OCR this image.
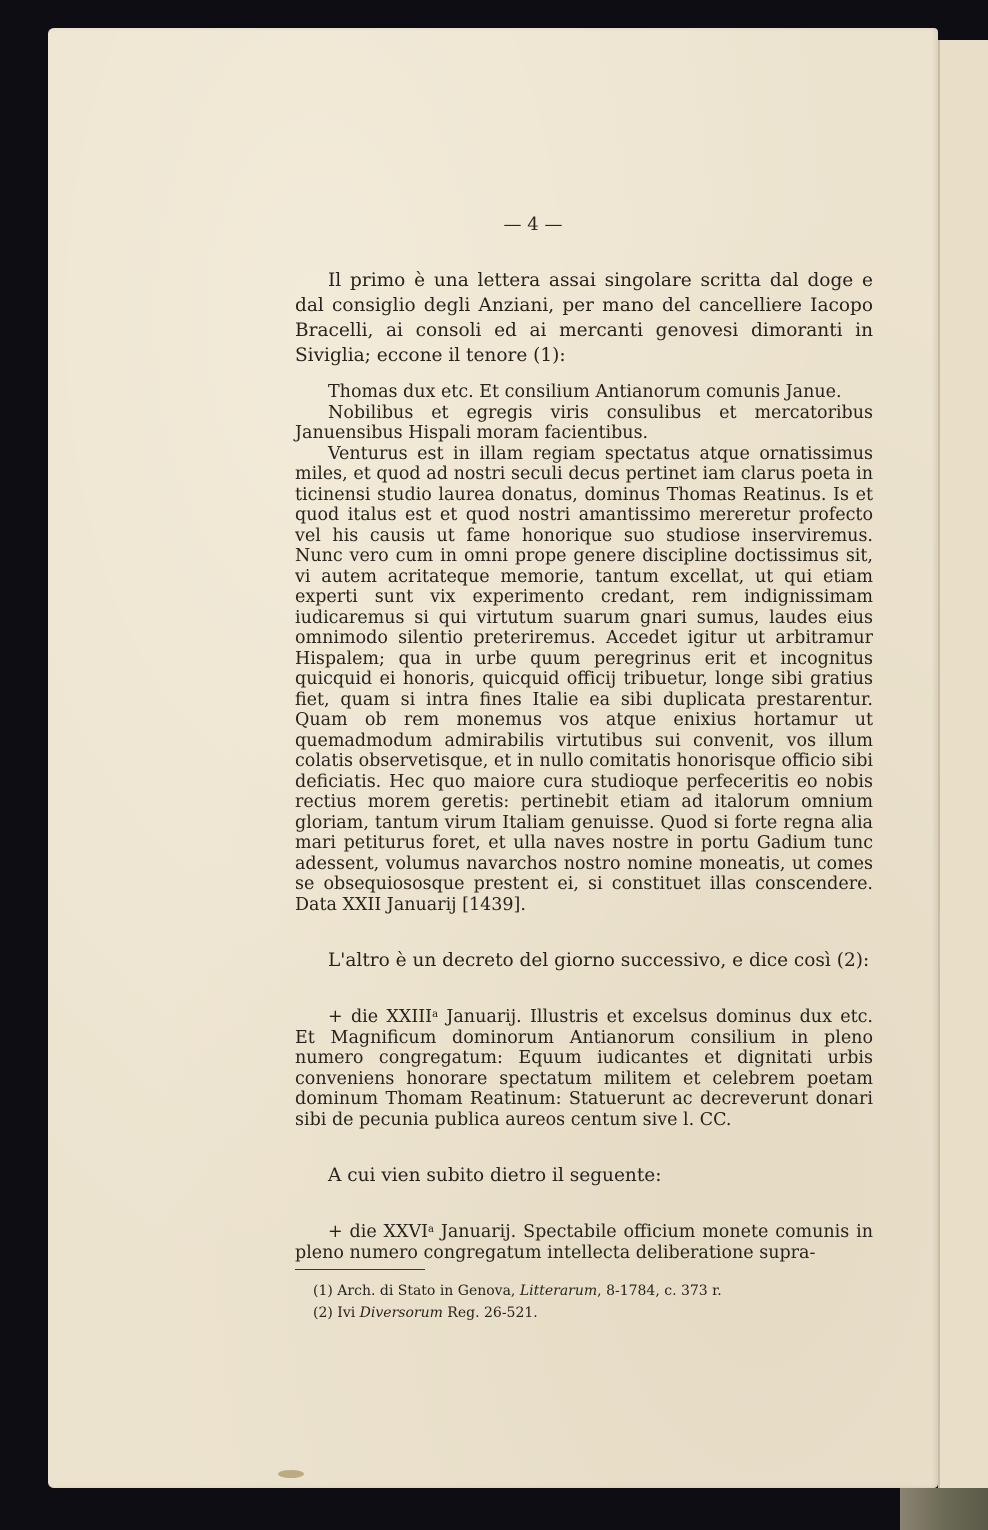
— 4 —

Il primo è una lettera assai singolare scritta dal doge e dal consiglio degli Anziani, per mano del cancelliere Iacopo Bracelli, ai consoli ed ai mercanti genovesi dimoranti in Siviglia; eccone il tenore (1):

Thomas dux etc. Et consilium Antianorum comunis Janue.

Nobilibus et egregis viris consulibus et mercatoribus Januensibus Hispali moram facientibus.

Venturus est in illam regiam spectatus atque ornatissimus miles, et quod ad nostri seculi decus pertinet iam clarus poeta in ticinensi studio laurea donatus, dominus Thomas Reatinus. Is et quod italus est et quod nostri amantissimo mereretur profecto vel his causis ut fame honorique suo studiose inserviremus. Nunc vero cum in omni prope genere discipline doctissimus sit, vi autem acritateque memorie, tantum excellat, ut qui etiam experti sunt vix experimento credant, rem indignissimam iudicaremus si qui virtutum suarum gnari sumus, laudes eius omnimodo silentio preteriremus. Accedet igitur ut arbitramur Hispalem; qua in urbe quum peregrinus erit et incognitus quicquid ei honoris, quicquid officij tribuetur, longe sibi gratius fiet, quam si intra fines Italie ea sibi duplicata prestarentur. Quam ob rem monemus vos atque enixius hortamur ut quemadmodum admirabilis virtutibus sui convenit, vos illum colatis observetisque, et in nullo comitatis honorisque officio sibi deficiatis. Hec quo maiore cura studioque perfeceritis eo nobis rectius morem geretis: pertinebit etiam ad italorum omnium gloriam, tantum virum Italiam genuisse. Quod si forte regna alia mari petiturus foret, et ulla naves nostre in portu Gadium tunc adessent, volumus navarchos nostro nomine moneatis, ut comes se obsequiososque prestent ei, si constituet illas conscendere. Data XXII Januarij [1439].

L'altro è un decreto del giorno successivo, e dice così (2):

+ die XXIII$^a$ Januarij. Illustris et excelsus dominus dux etc. Et Magnificum dominorum Antianorum consilium in pleno numero congregatum: Equum iudicantes et dignitati urbis conveniens honorare spectatum militem et celebrem poetam dominum Thomam Reatinum: Statuerunt ac decreverunt donari sibi de pecunia publica aureos centum sive l. CC.

A cui vien subito dietro il seguente:

+ die XXVI$^a$ Januarij. Spectabile officium monete comunis in pleno numero congregatum intellecta deliberatione supra-

(1) Arch. di Stato in Genova, Litterarum, 8-1784, c. 373 r.
(2) Ivi Diversorum Reg. 26-521.
